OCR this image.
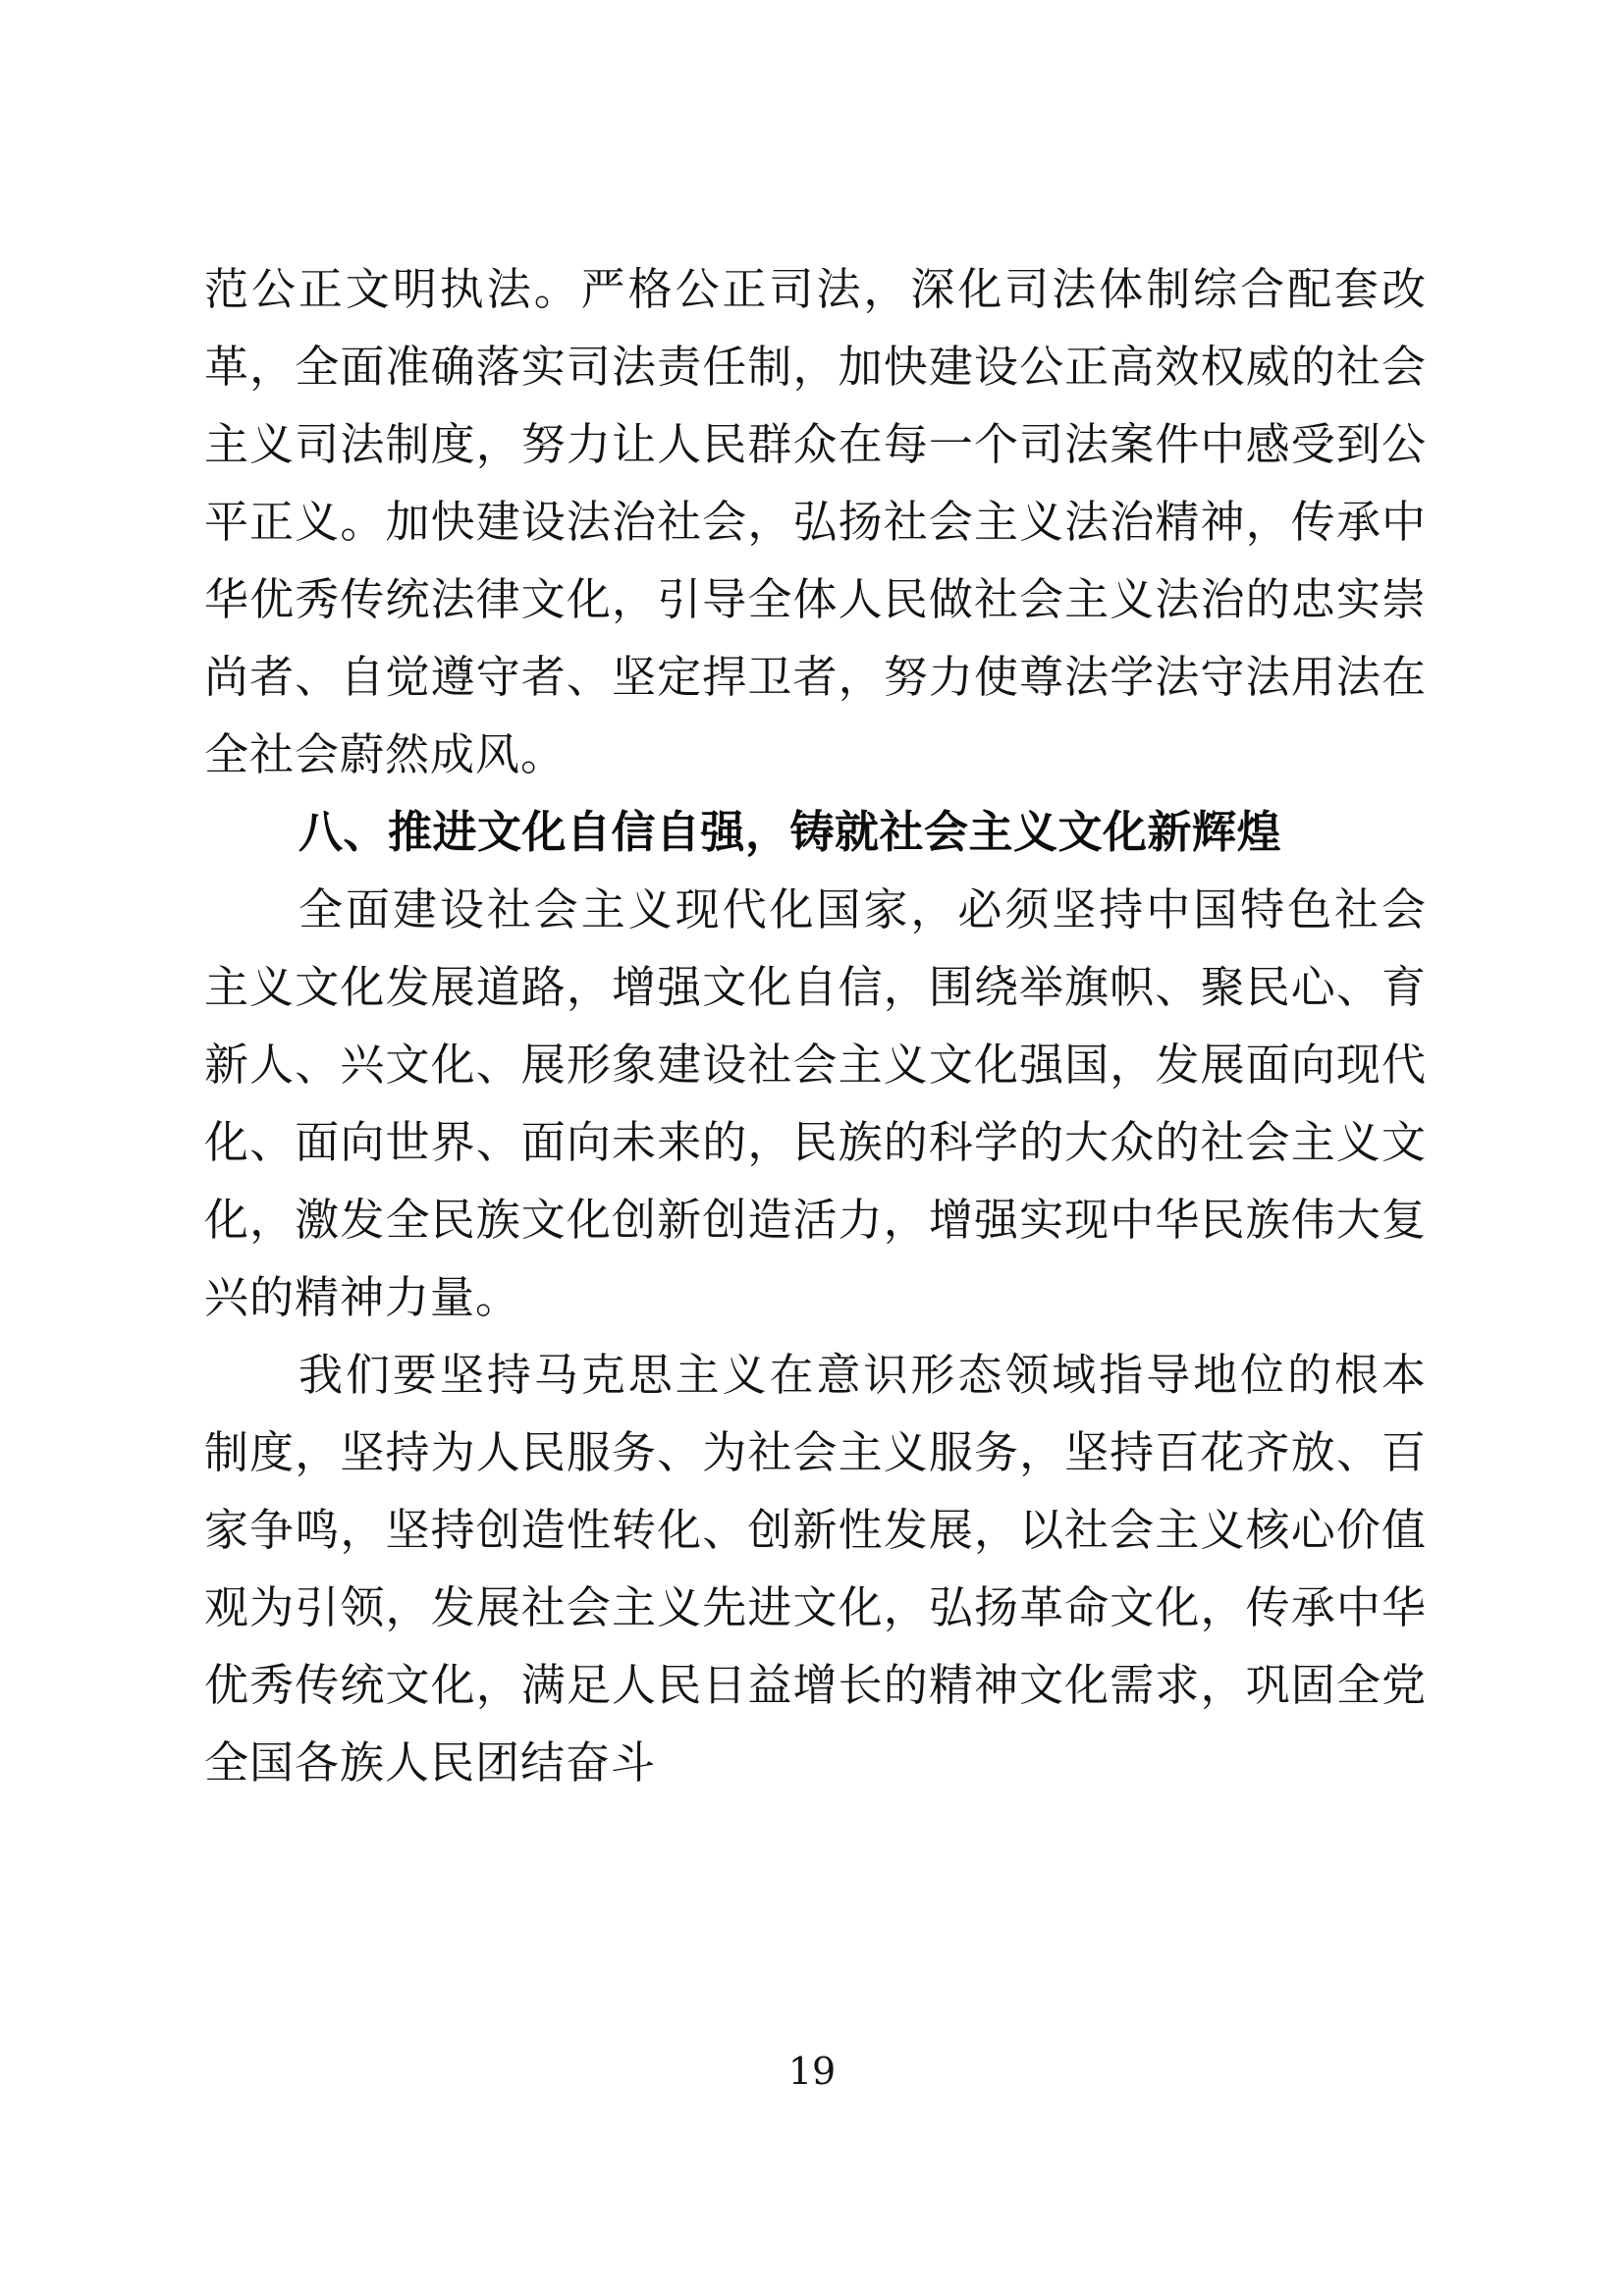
范公正文明执法。严格公正司法，深化司法体制综合配套改革，全面准确落实司法责任制，加快建设公正高效权威的社会主义司法制度，努力让人民群众在每一个司法案件中感受到公平正义。加快建设法治社会，弘扬社会主义法治精神，传承中华优秀传统法律文化，引导全体人民做社会主义法治的忠实崇尚者、自觉遵守者、坚定捍卫者，努力使尊法学法守法用法在全社会蔚然成风。

八、推进文化自信自强，铸就社会主义文化新辉煌

全面建设社会主义现代化国家，必须坚持中国特色社会主义文化发展道路，增强文化自信，围绕举旗帜、聚民心、育新人、兴文化、展形象建设社会主义文化强国，发展面向现代化、面向世界、面向未来的，民族的科学的大众的社会主义文化，激发全民族文化创新创造活力，增强实现中华民族伟大复兴的精神力量。

我们要坚持马克思主义在意识形态领域指导地位的根本制度，坚持为人民服务、为社会主义服务，坚持百花齐放、百家争鸣，坚持创造性转化、创新性发展，以社会主义核心价值观为引领，发展社会主义先进文化，弘扬革命文化，传承中华优秀传统文化，满足人民日益增长的精神文化需求，巩固全党全国各族人民团结奋斗

19
